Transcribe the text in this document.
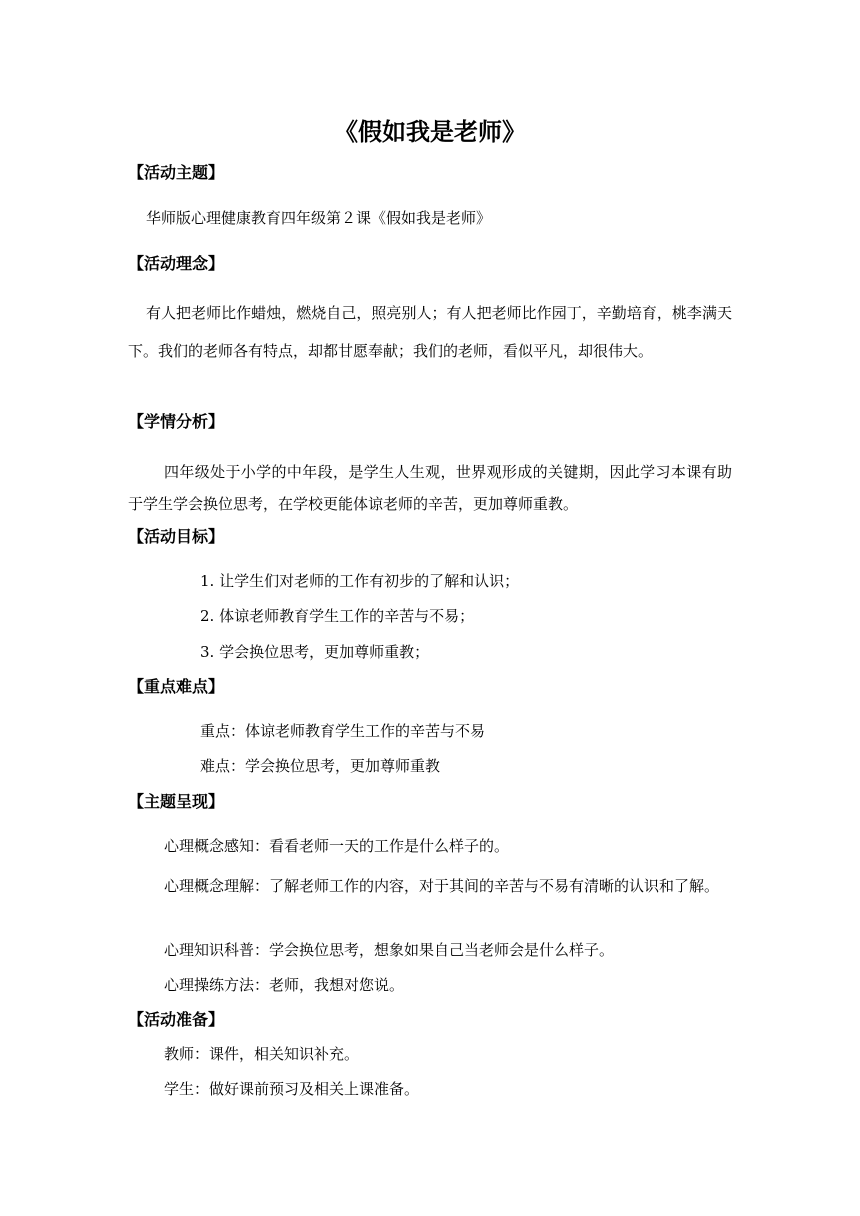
《假如我是老师》
【活动主题】

华师版心理健康教育四年级第２课《假如我是老师》

【活动理念】

有人把老师比作蜡烛，燃烧自己，照亮别人；有人把老师比作园丁，辛勤培育，桃李满天下。我们的老师各有特点，却都甘愿奉献；我们的老师，看似平凡，却很伟大。

【学情分析】

四年级处于小学的中年段，是学生人生观，世界观形成的关键期，因此学习本课有助于学生学会换位思考，在学校更能体谅老师的辛苦，更加尊师重教。

【活动目标】

1. 让学生们对老师的工作有初步的了解和认识；

2. 体谅老师教育学生工作的辛苦与不易；

3. 学会换位思考，更加尊师重教；

【重点难点】

重点：体谅老师教育学生工作的辛苦与不易

难点：学会换位思考，更加尊师重教

【主题呈现】

心理概念感知：看看老师一天的工作是什么样子的。

心理概念理解：了解老师工作的内容，对于其间的辛苦与不易有清晰的认识和了解。

心理知识科普：学会换位思考，想象如果自己当老师会是什么样子。

心理操练方法：老师，我想对您说。

【活动准备】

教师：课件，相关知识补充。

学生：做好课前预习及相关上课准备。
